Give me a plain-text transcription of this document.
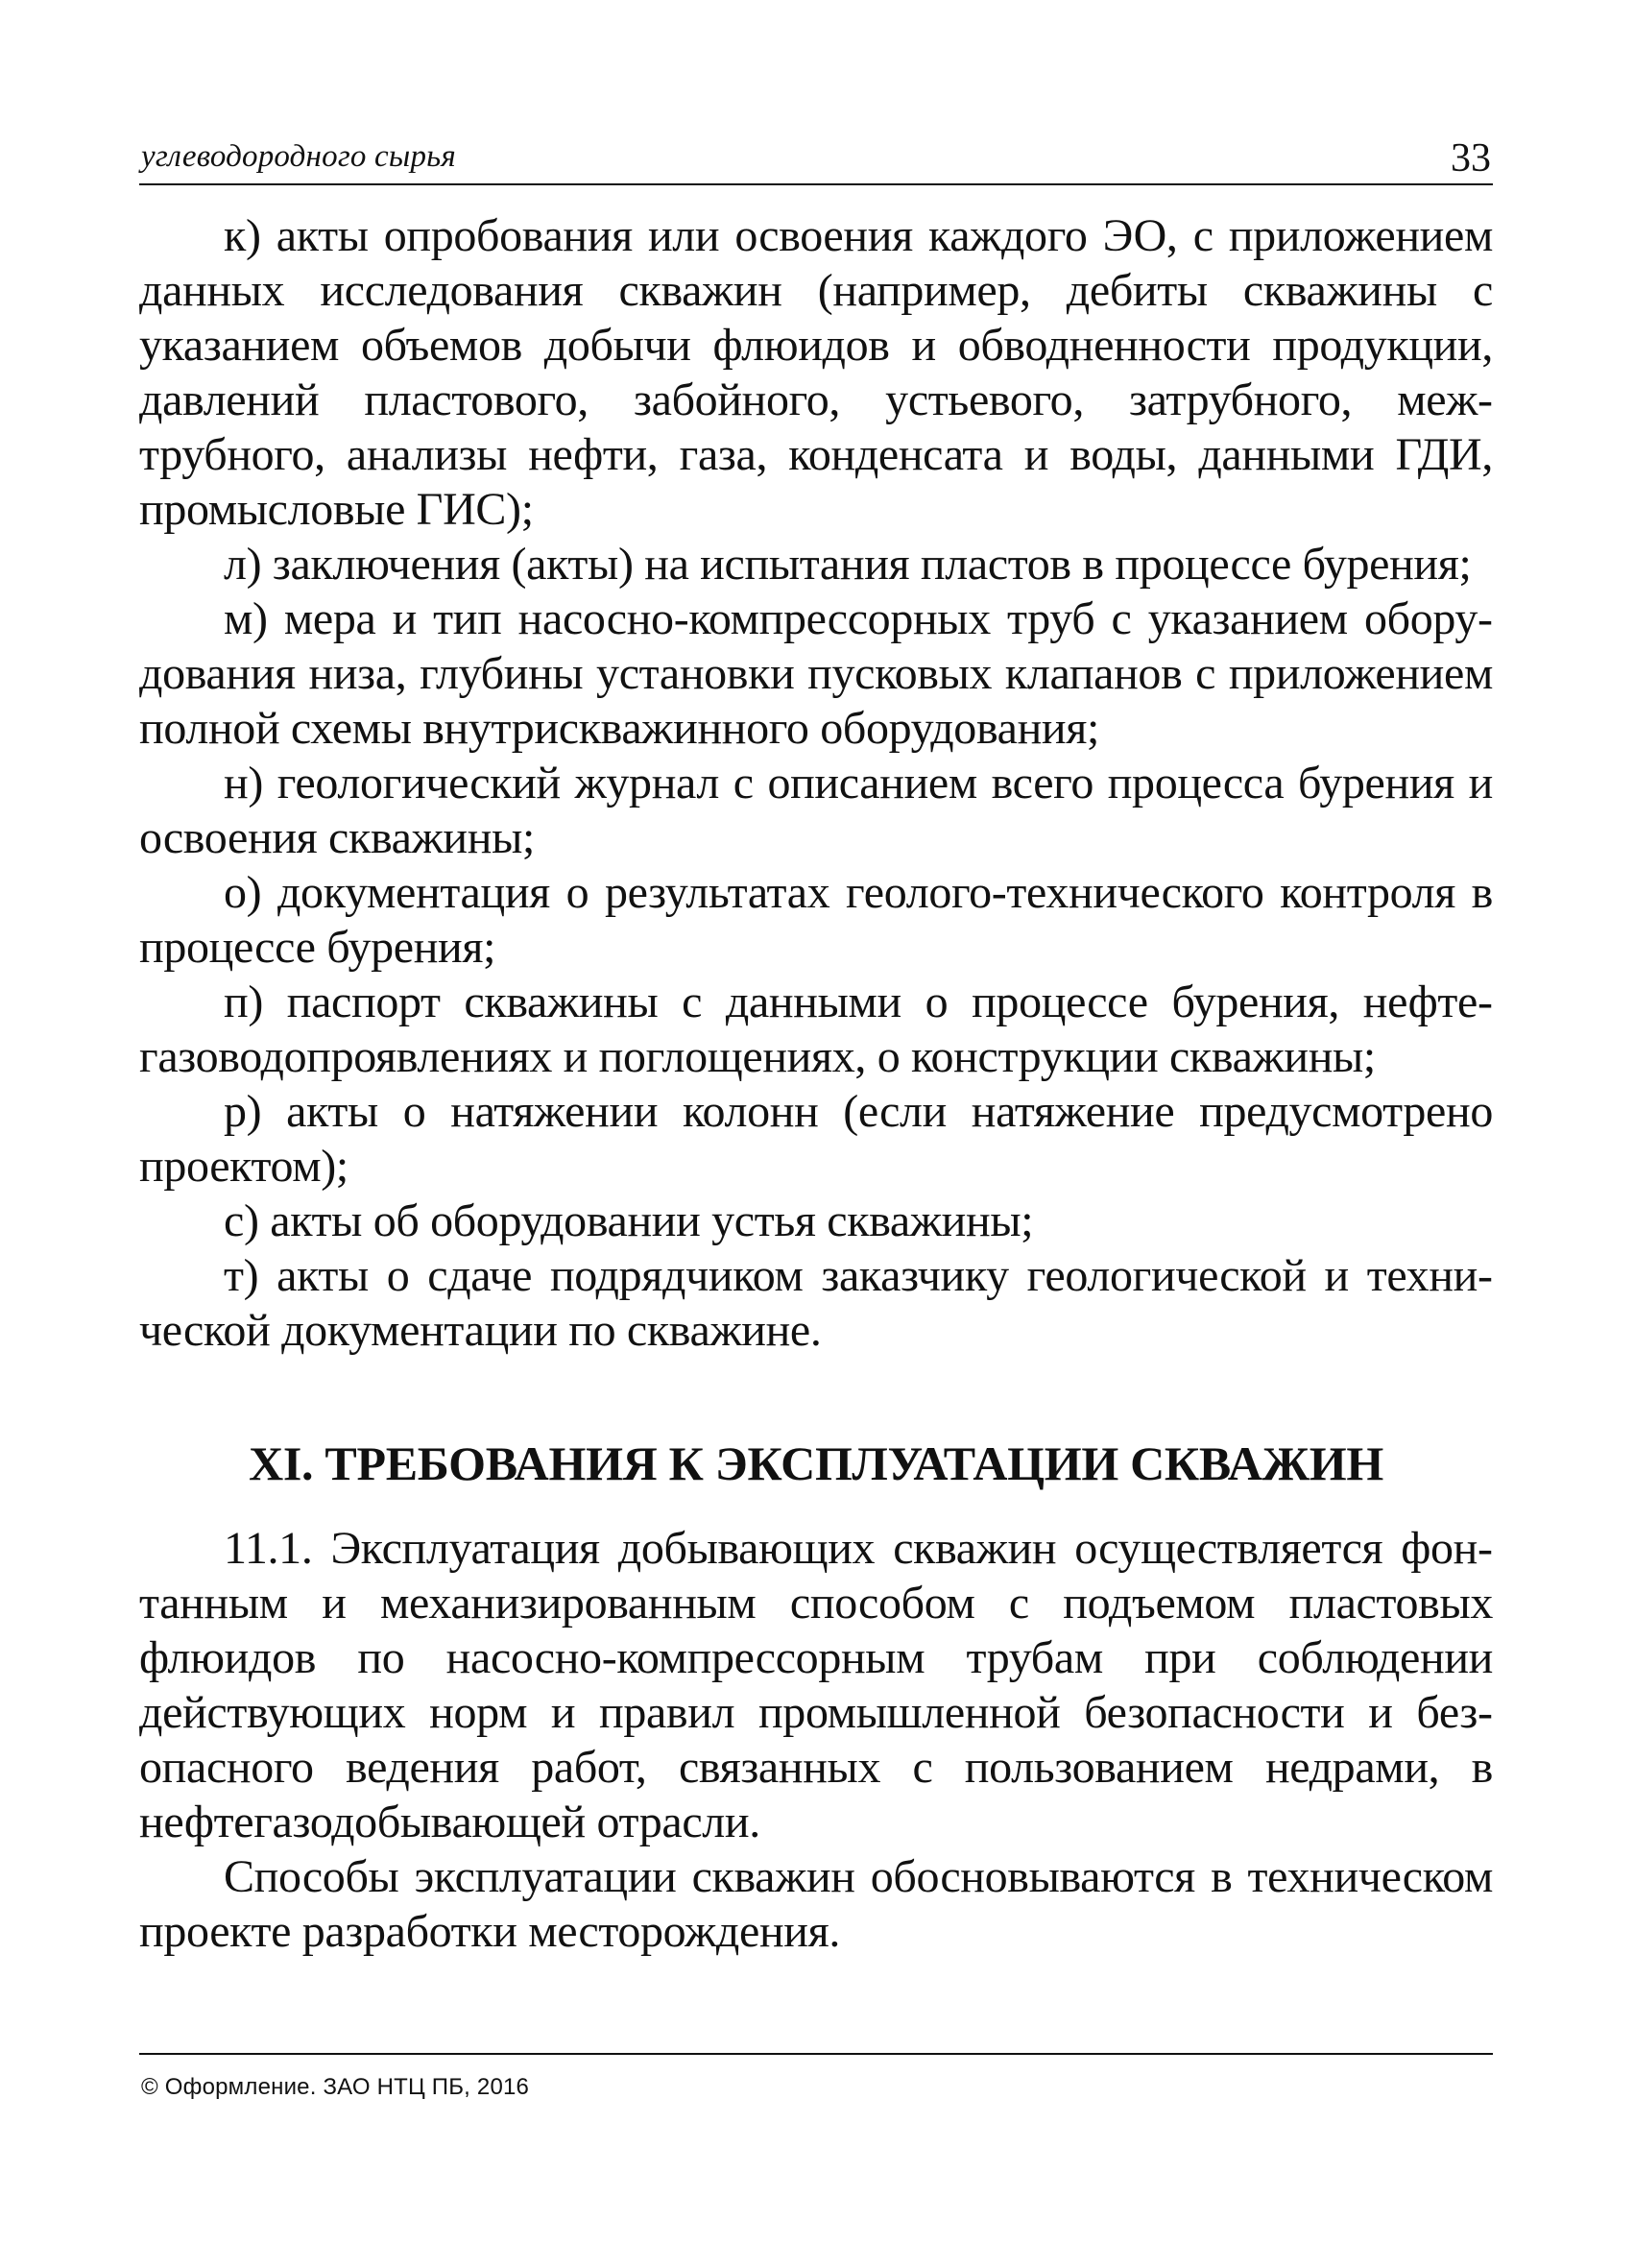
углеводородного сырья	33

к) акты опробования или освоения каждого ЭО, с приложением данных исследования скважин (например, дебиты скважины с указанием объемов добычи флюидов и обводненности продукции, давлений пластового, забойного, устьевого, затрубного, межтрубного, анализы нефти, газа, конденсата и воды, данными ГДИ, промысловые ГИС);

л) заключения (акты) на испытания пластов в процессе бурения;

м) мера и тип насосно-компрессорных труб с указанием оборудования низа, глубины установки пусковых клапанов с приложением полной схемы внутрискважинного оборудования;

н) геологический журнал с описанием всего процесса бурения и освоения скважины;

о) документация о результатах геолого-технического контроля в процессе бурения;

п) паспорт скважины с данными о процессе бурения, нефтегазоводопроявлениях и поглощениях, о конструкции скважины;

р) акты о натяжении колонн (если натяжение предусмотрено проектом);

с) акты об оборудовании устья скважины;

т) акты о сдаче подрядчиком заказчику геологической и технической документации по скважине.

XI. ТРЕБОВАНИЯ К ЭКСПЛУАТАЦИИ СКВАЖИН

11.1. Эксплуатация добывающих скважин осуществляется фонтанным и механизированным способом с подъемом пластовых флюидов по насосно-компрессорным трубам при соблюдении действующих норм и правил промышленной безопасности и безопасного ведения работ, связанных с пользованием недрами, в нефтегазодобывающей отрасли.

Способы эксплуатации скважин обосновываются в техническом проекте разработки месторождения.

© Оформление. ЗАО НТЦ ПБ, 2016
